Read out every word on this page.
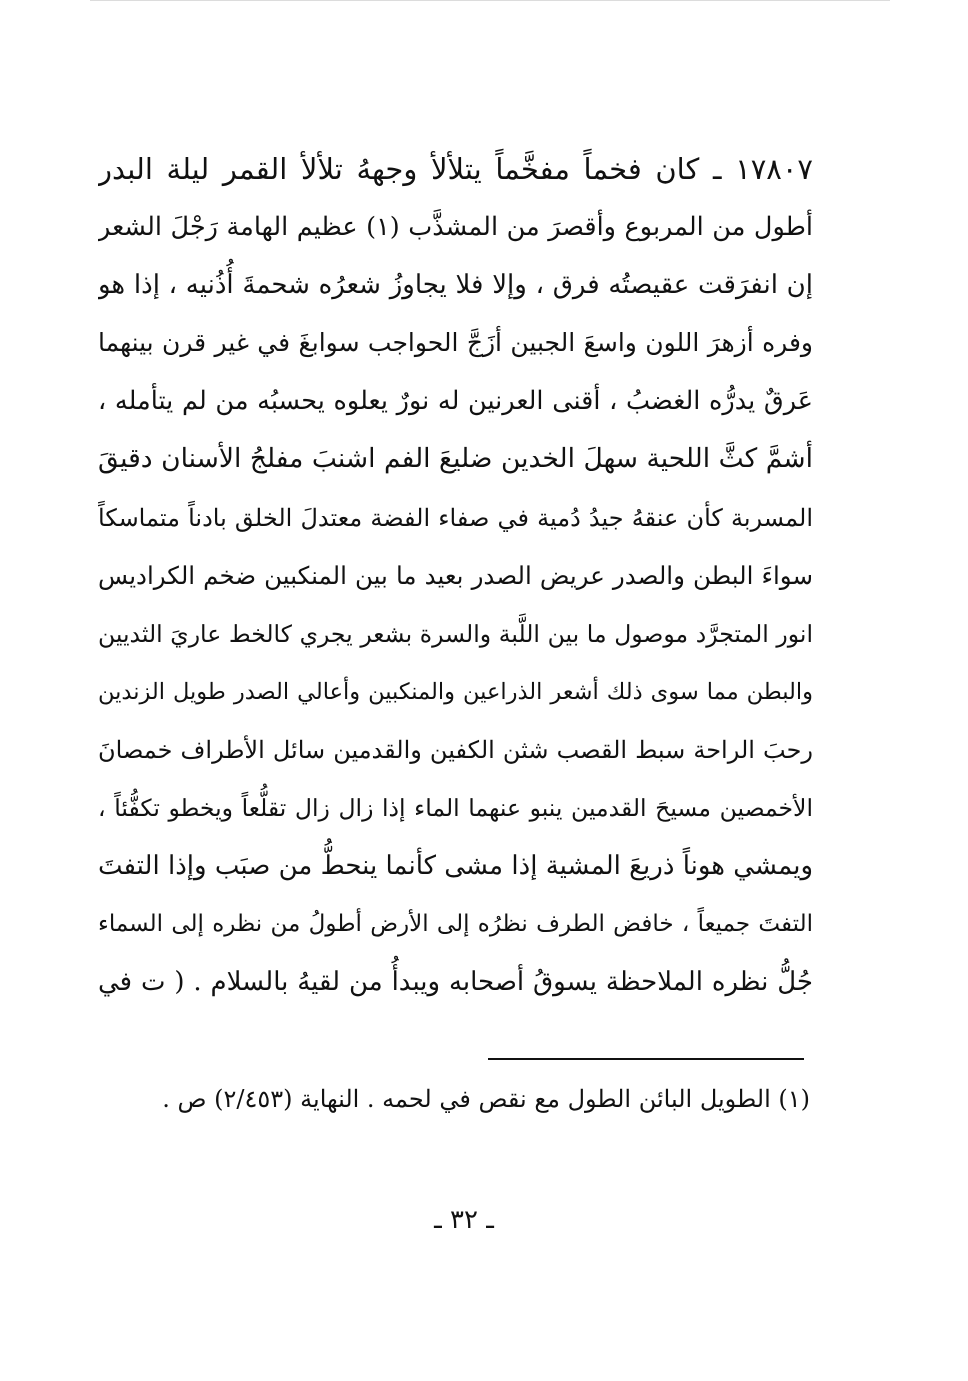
١٧٨٠٧ ـ كان فخماً مفخَّماً يتلألأ وجههُ تلألأ القمر ليلة البدر
أطول من المربوع وأقصرَ من المشذَّب (١) عظيم الهامة رَجْلَ الشعر
إن انفرَقت عقيصتُه فرق ، وإلا فلا يجاوزُ شعرُه شحمةَ أُذُنيه ، إذا هو
وفره أزهرَ اللون واسعَ الجبين أزَجَّ الحواجب سوابغَ في غير قرن بينهما
عَرقٌ يدرُّه الغضبُ ، أقنى العرنين له نورٌ يعلوه يحسبُه من لم يتأمله ،
أشمَّ كثَّ اللحية سهلَ الخدين ضليعَ الفم اشنبَ مفلجُ الأسنان دقيقَ
المسربة كأن عنقهُ جيدُ دُمية في صفاء الفضة معتدلَ الخلق بادناً متماسكاً
سواءَ البطن والصدر عريض الصدر بعيد ما بين المنكبين ضخم الكراديس
انور المتجرَّد موصول ما بين اللَّبة والسرة بشعر يجري كالخط عاريَ الثديين
والبطن مما سوى ذلك أشعر الذراعين والمنكبين وأعالي الصدر طويل الزندين
رحبَ الراحة سبط القصب شثن الكفين والقدمين سائل الأطراف خمصانَ
الأخمصين مسيحَ القدمين ينبو عنهما الماء إذا زال زال تقلُّعاً ويخطو تكفُّئاً ،
ويمشي هوناً ذريعَ المشية إذا مشى كأنما ينحطُّ من صبَب وإذا التفتَ
التفتَ جميعاً ، خافض الطرف نظرُه إلى الأرض أطولُ من نظره إلى السماء
جُلُّ نظره الملاحظة يسوقُ أصحابه ويبدأُ من لقيهُ بالسلام . ( ت في
(١) الطويل البائن الطول مع نقص في لحمه . النهاية (٢/٤٥٣) ص .
ـ ٣٢ ـ
